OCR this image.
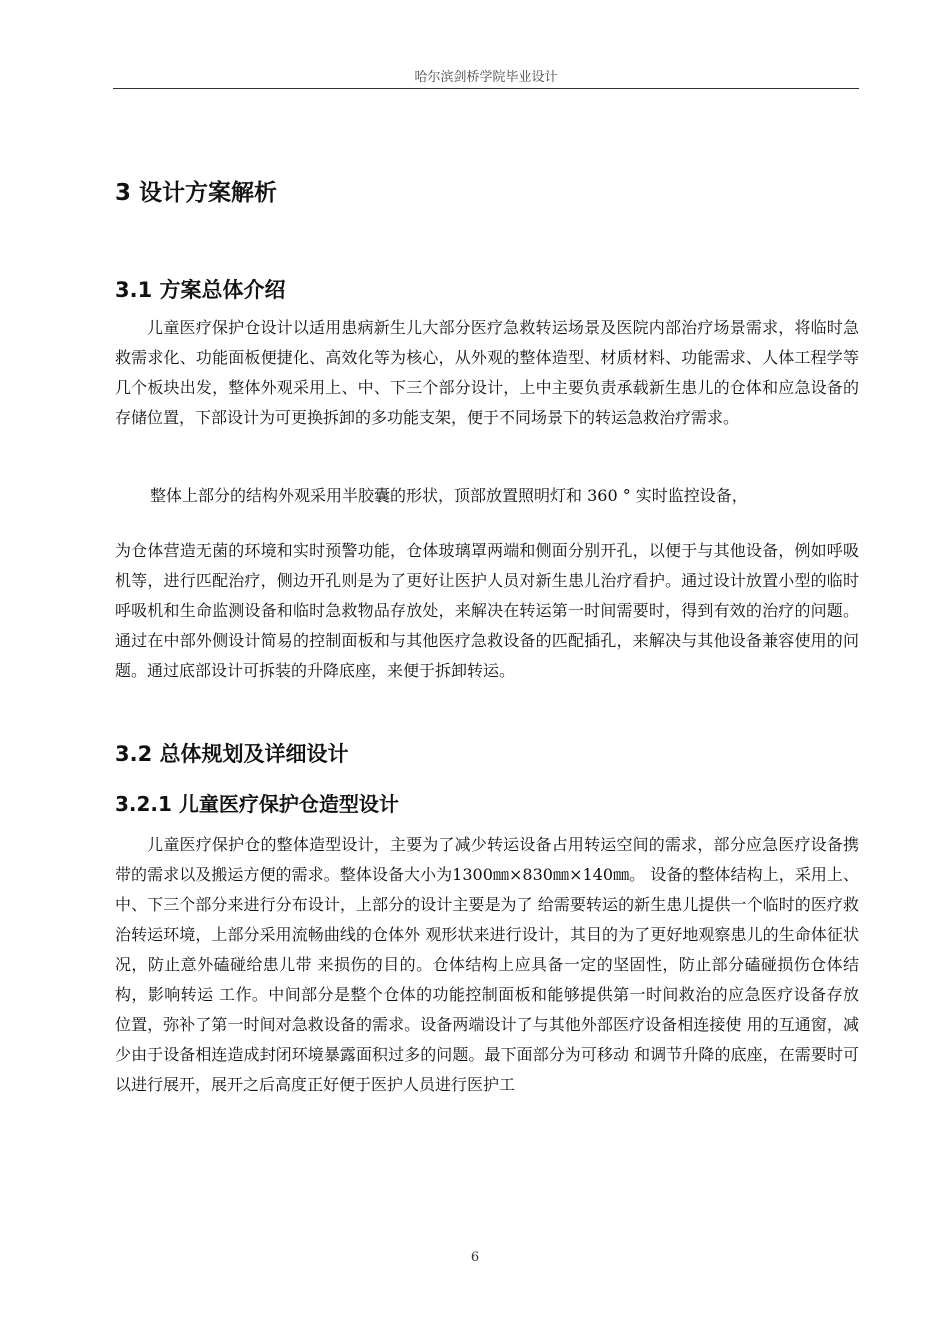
哈尔滨剑桥学院毕业设计
3 设计方案解析
3.1 方案总体介绍

儿童医疗保护仓设计以适用患病新生儿大部分医疗急救转运场景及医院内部治疗场景需求，将临时急救需求化、功能面板便捷化、高效化等为核心，从外观的整体造型、材质材料、功能需求、人体工程学等几个板块出发，整体外观采用上、中、下三个部分设计，上中主要负责承载新生患儿的仓体和应急设备的存储位置，下部设计为可更换拆卸的多功能支架，便于不同场景下的转运急救治疗需求。

整体上部分的结构外观采用半胶囊的形状，顶部放置照明灯和 360 ° 实时监控设备，

为仓体营造无菌的环境和实时预警功能，仓体玻璃罩两端和侧面分别开孔，以便于与其他设备，例如呼吸机等，进行匹配治疗，侧边开孔则是为了更好让医护人员对新生患儿治疗看护。通过设计放置小型的临时呼吸机和生命监测设备和临时急救物品存放处，来解决在转运第一时间需要时，得到有效的治疗的问题。通过在中部外侧设计简易的控制面板和与其他医疗急救设备的匹配插孔，来解决与其他设备兼容使用的问题。通过底部设计可拆装的升降底座，来便于拆卸转运。

3.2 总体规划及详细设计
3.2.1 儿童医疗保护仓造型设计

儿童医疗保护仓的整体造型设计，主要为了减少转运设备占用转运空间的需求，部分应急医疗设备携带的需求以及搬运方便的需求。整体设备大小为1300㎜×830㎜×140㎜。 设备的整体结构上，采用上、中、下三个部分来进行分布设计，上部分的设计主要是为了 给需要转运的新生患儿提供一个临时的医疗救治转运环境，上部分采用流畅曲线的仓体外 观形状来进行设计，其目的为了更好地观察患儿的生命体征状况，防止意外磕碰给患儿带 来损伤的目的。仓体结构上应具备一定的坚固性，防止部分磕碰损伤仓体结构，影响转运 工作。中间部分是整个仓体的功能控制面板和能够提供第一时间救治的应急医疗设备存放 位置，弥补了第一时间对急救设备的需求。设备两端设计了与其他外部医疗设备相连接使 用的互通窗，减少由于设备相连造成封闭环境暴露面积过多的问题。最下面部分为可移动 和调节升降的底座，在需要时可以进行展开，展开之后高度正好便于医护人员进行医护工

6
